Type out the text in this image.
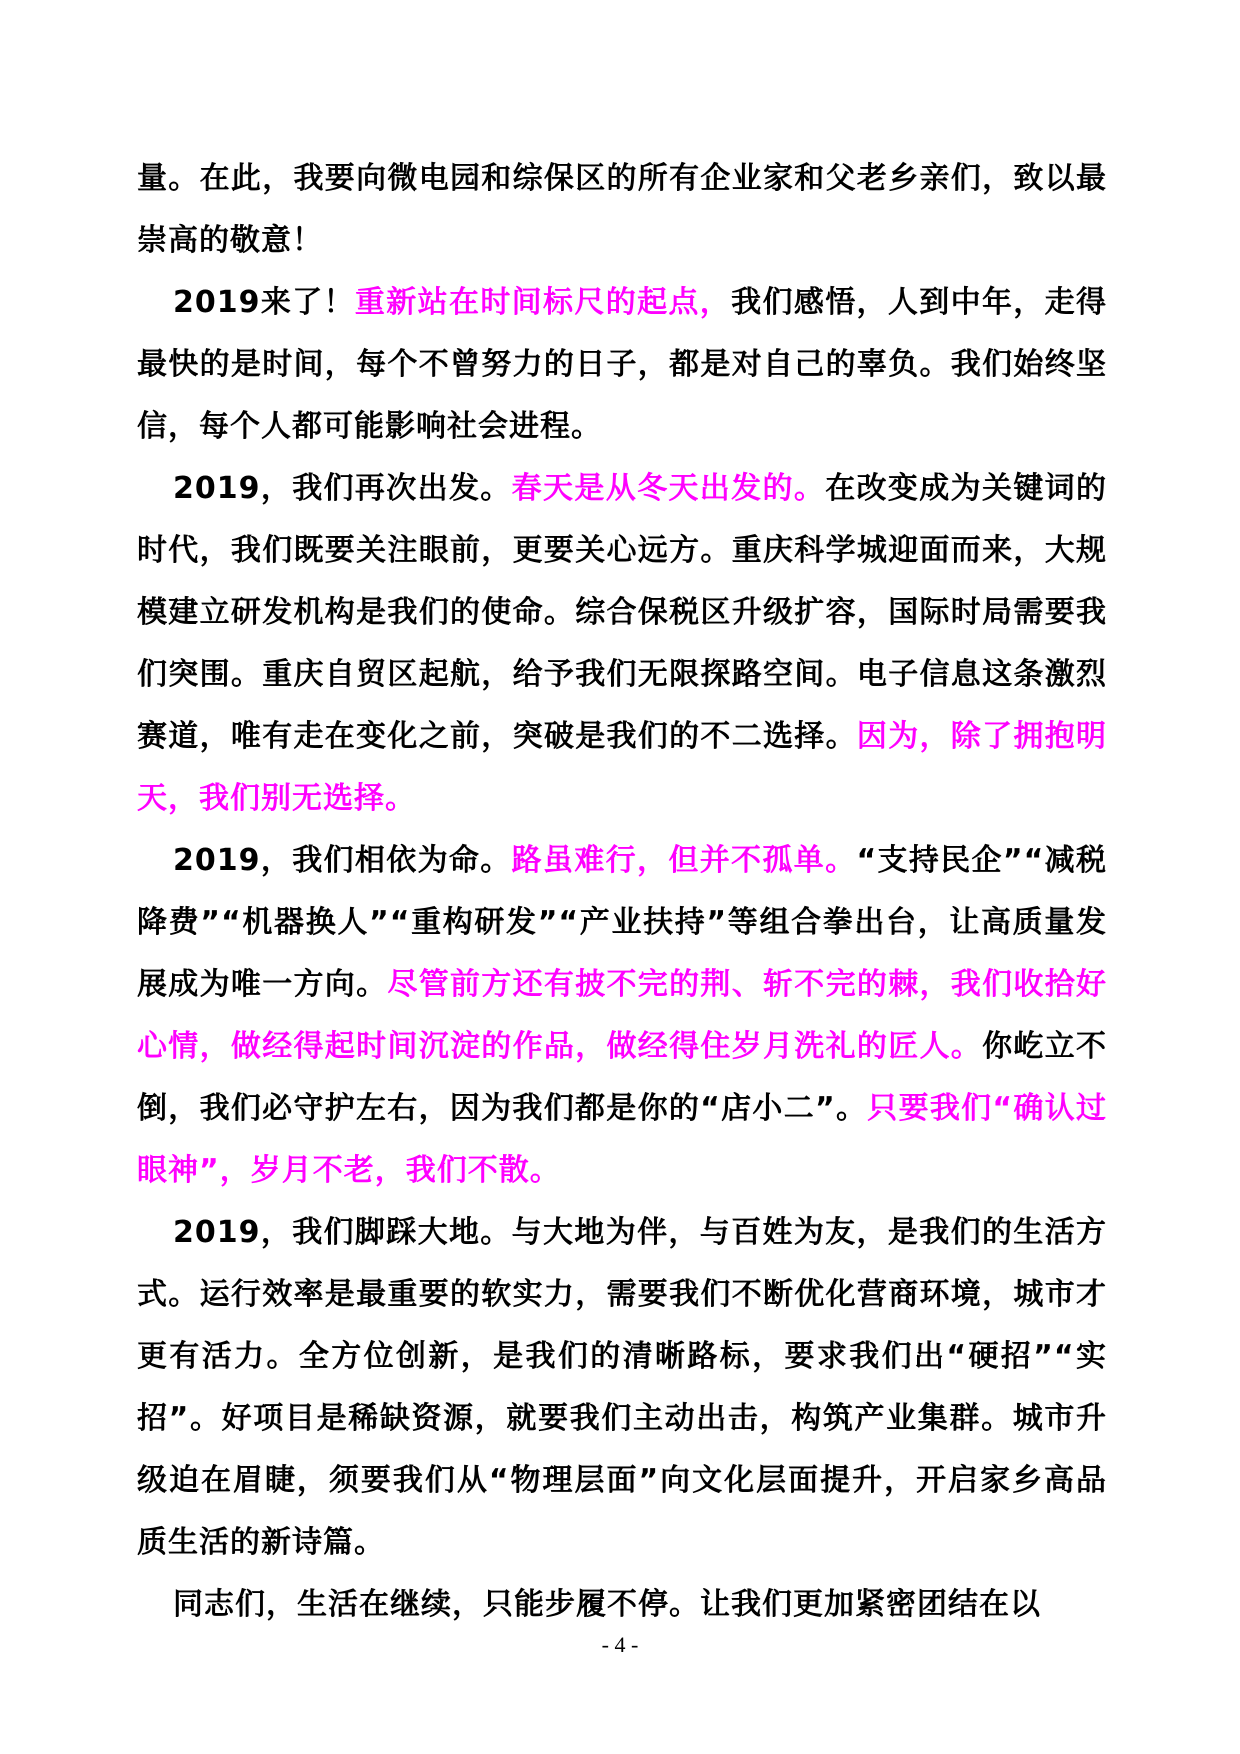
量。在此，我要向微电园和综保区的所有企业家和父老乡亲们，致以最崇高的敬意！

2019来了！重新站在时间标尺的起点，我们感悟，人到中年，走得最快的是时间，每个不曾努力的日子，都是对自己的辜负。我们始终坚信，每个人都可能影响社会进程。

2019，我们再次出发。春天是从冬天出发的。在改变成为关键词的时代，我们既要关注眼前，更要关心远方。重庆科学城迎面而来，大规模建立研发机构是我们的使命。综合保税区升级扩容，国际时局需要我们突围。重庆自贸区起航，给予我们无限探路空间。电子信息这条激烈赛道，唯有走在变化之前，突破是我们的不二选择。因为，除了拥抱明天，我们别无选择。

2019，我们相依为命。路虽难行，但并不孤单。“支持民企”“减税降费”“机器换人”“重构研发”“产业扶持”等组合拳出台，让高质量发展成为唯一方向。尽管前方还有披不完的荆、斩不完的棘，我们收拾好心情，做经得起时间沉淀的作品，做经得住岁月洗礼的匠人。你屹立不倒，我们必守护左右，因为我们都是你的“店小二”。只要我们“确认过眼神”，岁月不老，我们不散。

2019，我们脚踩大地。与大地为伴，与百姓为友，是我们的生活方式。运行效率是最重要的软实力，需要我们不断优化营商环境，城市才更有活力。全方位创新，是我们的清晰路标，要求我们出“硬招”“实招”。好项目是稀缺资源，就要我们主动出击，构筑产业集群。城市升级迫在眉睫，须要我们从“物理层面”向文化层面提升，开启家乡高品质生活的新诗篇。

同志们，生活在继续，只能步履不停。让我们更加紧密团结在以

- 4 -
